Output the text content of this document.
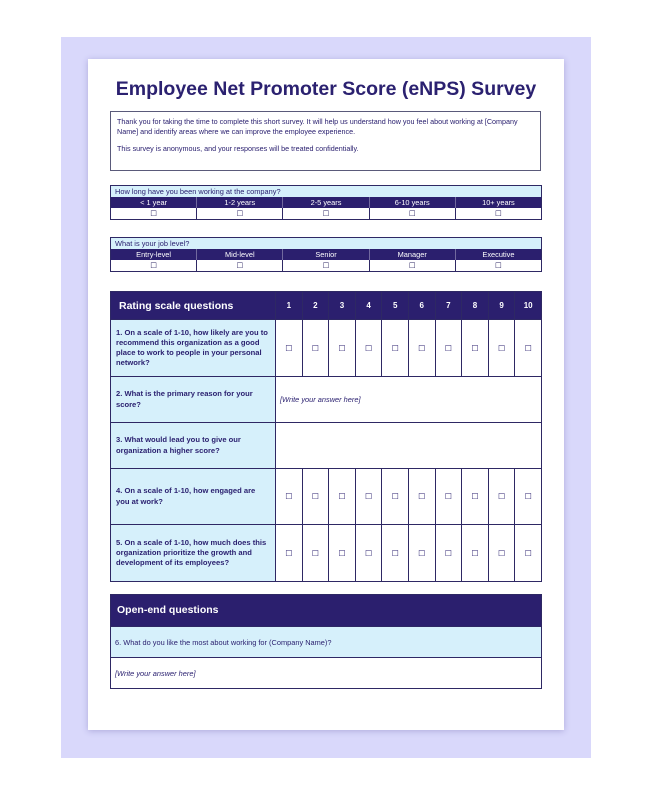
Employee Net Promoter Score (eNPS) Survey

Thank you for taking the time to complete this short survey. It will help us understand how you feel about working at [Company Name] and identify areas where we can improve the employee experience.

This survey is anonymous, and your responses will be treated confidentially.

How long have you been working at the company?
< 1 year	1-2 years	2-5 years	6-10 years	10+ years
☐	☐	☐	☐	☐
What is your job level?
Entry-level	Mid-level	Senior	Manager	Executive
☐	☐	☐	☐	☐
Rating scale questions	1	2	3	4	5	6	7	8	9	10
1. On a scale of 1-10, how likely are you to recommend this organization as a good place to work to people in your personal network?	☐	☐	☐	☐	☐	☐	☐	☐	☐	☐
2. What is the primary reason for your score?	[Write your answer here]									
3. What would lead you to give our organization a higher score?										
4. On a scale of 1-10, how engaged are you at work?	☐	☐	☐	☐	☐	☐	☐	☐	☐	☐
5. On a scale of 1-10, how much does this organization prioritize the growth and development of its employees?	☐	☐	☐	☐	☐	☐	☐	☐	☐	☐
Open-end questions
6. What do you like the most about working for (Company Name)?
[Write your answer here]
